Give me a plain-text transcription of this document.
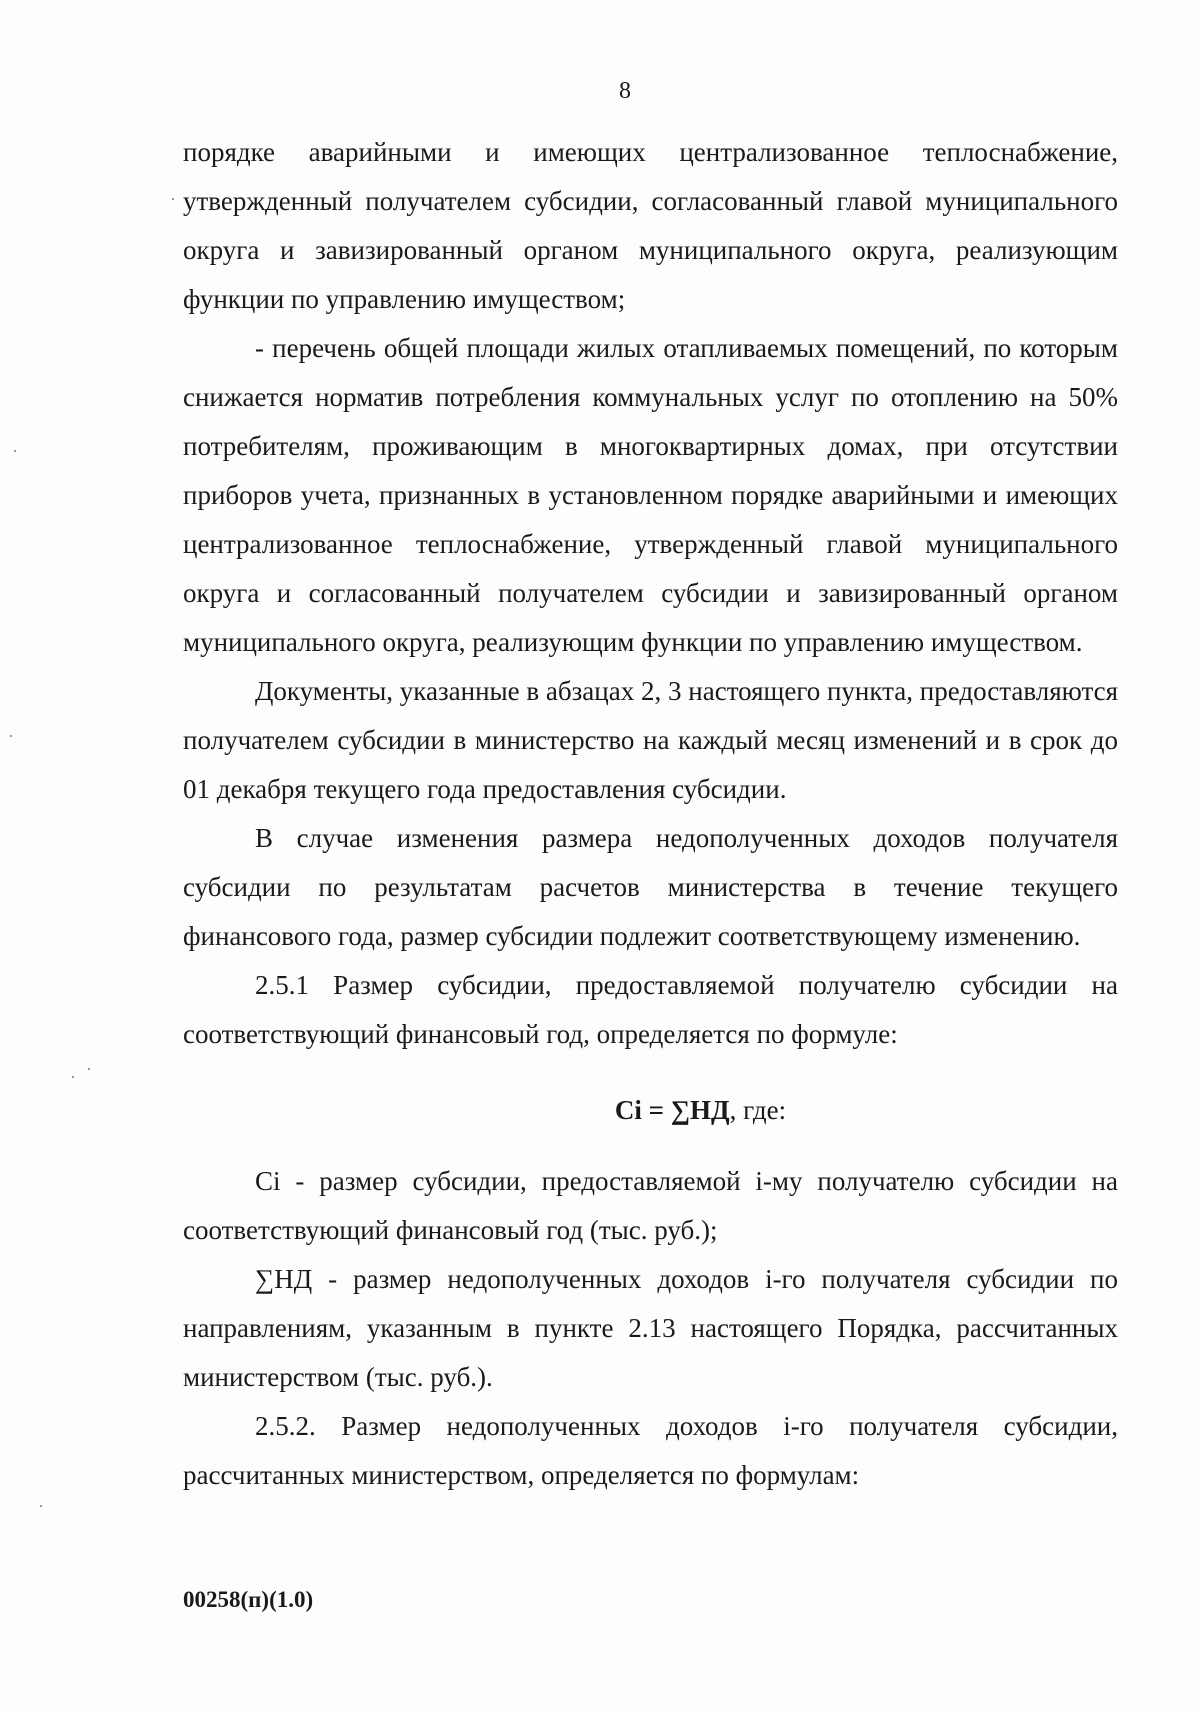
8

порядке аварийными и имеющих централизованное теплоснабжение, утвержденный получателем субсидии, согласованный главой муниципального округа и завизированный органом муниципального округа, реализующим функции по управлению имуществом;

- перечень общей площади жилых отапливаемых помещений, по которым снижается норматив потребления коммунальных услуг по отоплению на 50% потребителям, проживающим в многоквартирных домах, при отсутствии приборов учета, признанных в установленном порядке аварийными и имеющих централизованное теплоснабжение, утвержденный главой муниципального округа и согласованный получателем субсидии и завизированный органом муниципального округа, реализующим функции по управлению имуществом.

Документы, указанные в абзацах 2, 3 настоящего пункта, предоставляются получателем субсидии в министерство на каждый месяц изменений и в срок до 01 декабря текущего года предоставления субсидии.

В случае изменения размера недополученных доходов получателя субсидии по результатам расчетов министерства в течение текущего финансового года, размер субсидии подлежит соответствующему изменению.

2.5.1 Размер субсидии, предоставляемой получателю субсидии на соответствующий финансовый год, определяется по формуле:

Ci = ∑НД, где:

Ci - размер субсидии, предоставляемой i-му получателю субсидии на соответствующий финансовый год (тыс. руб.);

∑НД - размер недополученных доходов i-го получателя субсидии по направлениям, указанным в пункте 2.13 настоящего Порядка, рассчитанных министерством (тыс. руб.).

2.5.2. Размер недополученных доходов i-го получателя субсидии, рассчитанных министерством, определяется по формулам:

00258(п)(1.0)
